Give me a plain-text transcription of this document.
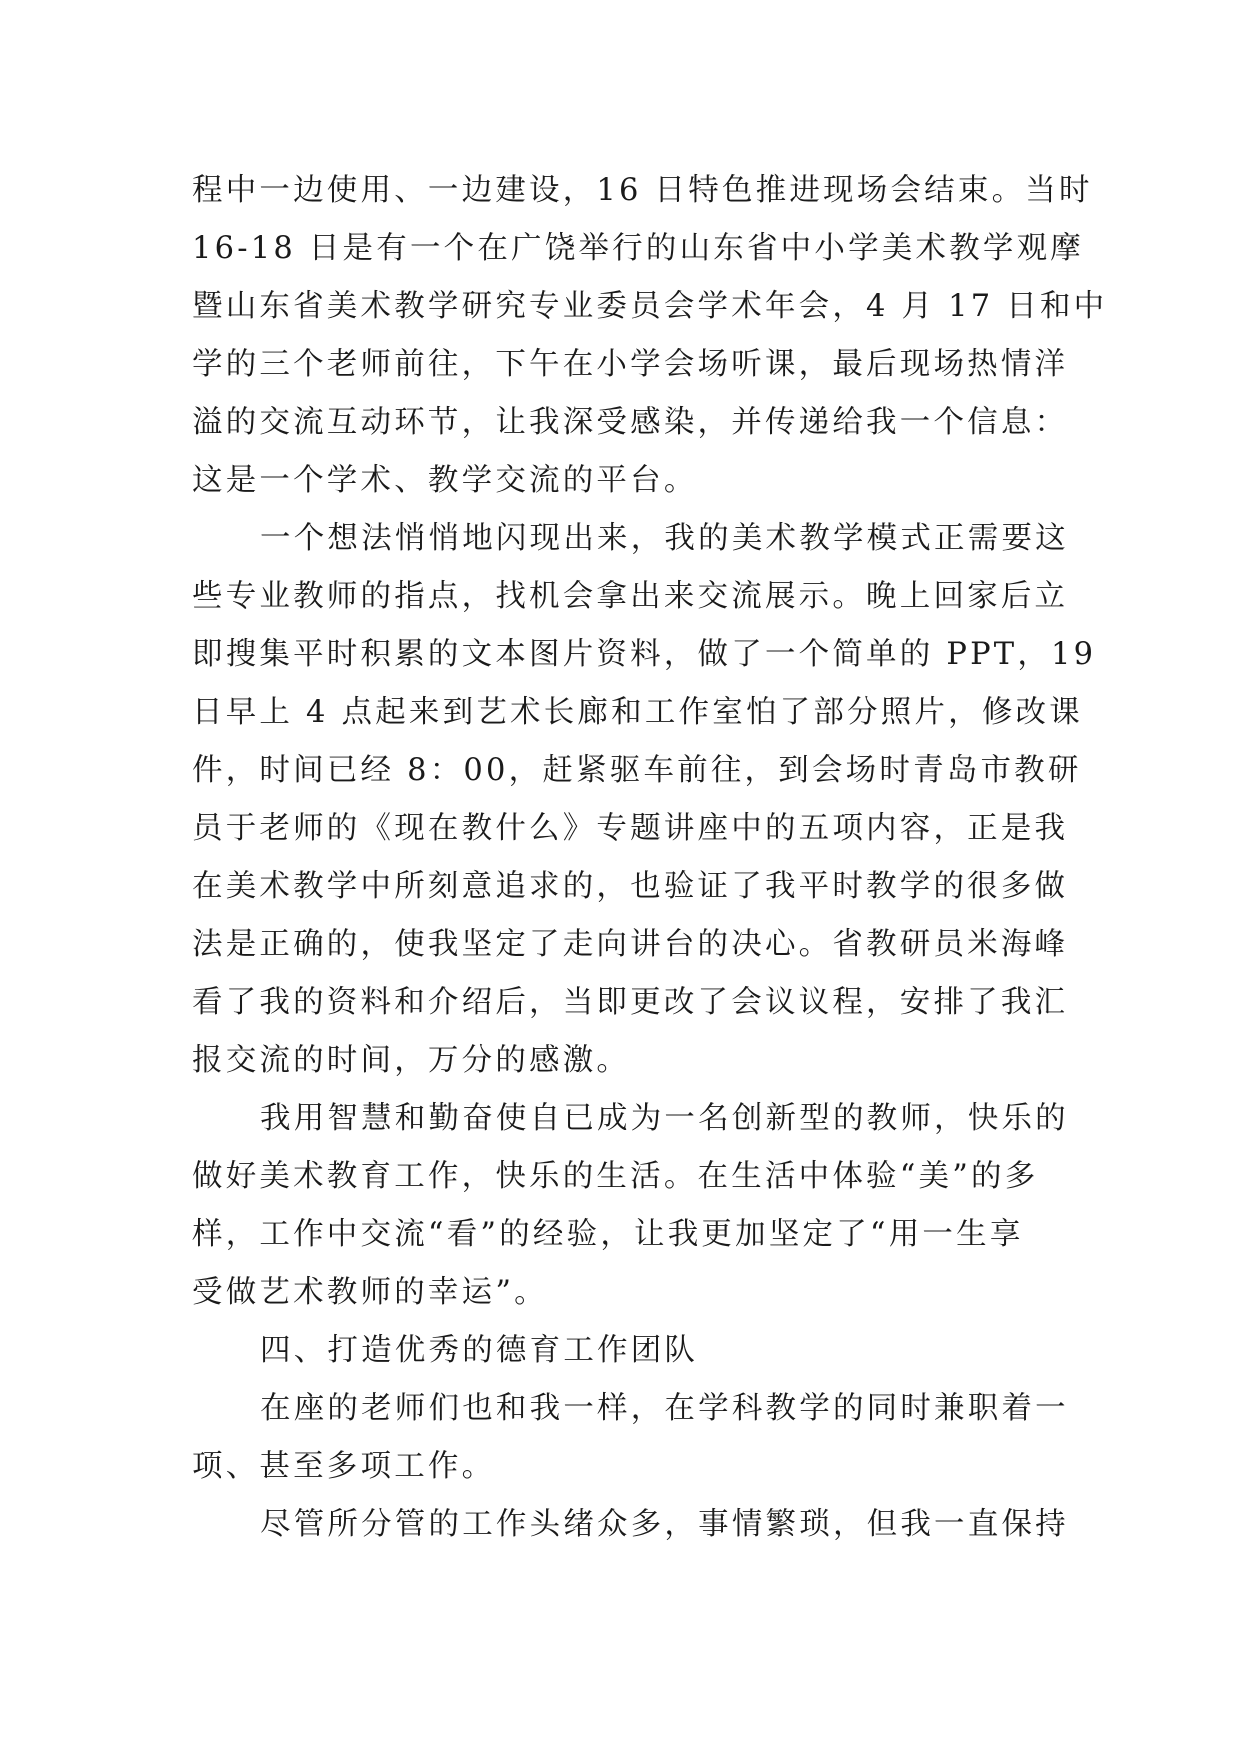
程中一边使用、一边建设，16 日特色推进现场会结束。当时
16-18 日是有一个在广饶举行的山东省中小学美术教学观摩
暨山东省美术教学研究专业委员会学术年会，4 月 17 日和中
学的三个老师前往，下午在小学会场听课，最后现场热情洋
溢的交流互动环节，让我深受感染，并传递给我一个信息：
这是一个学术、教学交流的平台。
一个想法悄悄地闪现出来，我的美术教学模式正需要这
些专业教师的指点，找机会拿出来交流展示。晚上回家后立
即搜集平时积累的文本图片资料，做了一个简单的 PPT，19
日早上 4 点起来到艺术长廊和工作室怕了部分照片，修改课
件，时间已经 8：00，赶紧驱车前往，到会场时青岛市教研
员于老师的《现在教什么》专题讲座中的五项内容，正是我
在美术教学中所刻意追求的，也验证了我平时教学的很多做
法是正确的，使我坚定了走向讲台的决心。省教研员米海峰
看了我的资料和介绍后，当即更改了会议议程，安排了我汇
报交流的时间，万分的感激。
我用智慧和勤奋使自已成为一名创新型的教师，快乐的
做好美术教育工作，快乐的生活。在生活中体验“美”的多
样，工作中交流“看”的经验，让我更加坚定了“用一生享
受做艺术教师的幸运”。
四、打造优秀的德育工作团队
在座的老师们也和我一样，在学科教学的同时兼职着一
项、甚至多项工作。
尽管所分管的工作头绪众多，事情繁琐，但我一直保持
